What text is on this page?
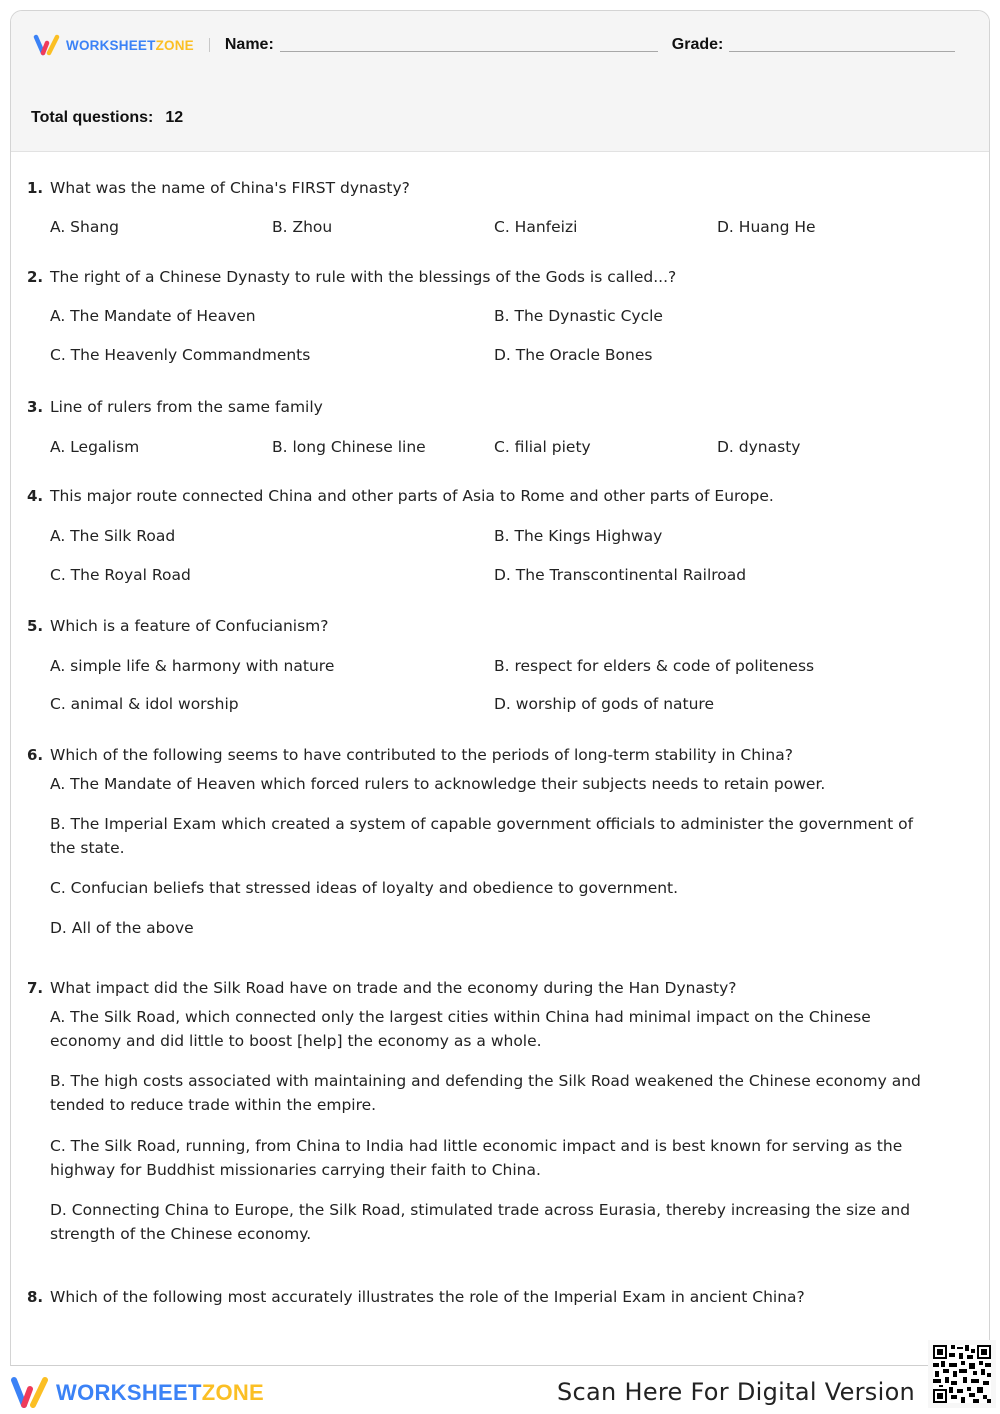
WORKSHEETZONE Name:	Grade:
Total questions: 12
1. What was the name of China's FIRST dynasty?
A. Shang	B. Zhou	C. Hanfeizi	D. Huang He
2. The right of a Chinese Dynasty to rule with the blessings of the Gods is called...?
A. The Mandate of Heaven	B. The Dynastic Cycle
C. The Heavenly Commandments	D. The Oracle Bones
3. Line of rulers from the same family
A. Legalism	B. long Chinese line	C. filial piety	D. dynasty
4. This major route connected China and other parts of Asia to Rome and other parts of Europe.
A. The Silk Road	B. The Kings Highway
C. The Royal Road	D. The Transcontinental Railroad
5. Which is a feature of Confucianism?
A. simple life & harmony with nature	B. respect for elders & code of politeness
C. animal & idol worship	D. worship of gods of nature
6. Which of the following seems to have contributed to the periods of long-term stability in China?
A. The Mandate of Heaven which forced rulers to acknowledge their subjects needs to retain power.
B. The Imperial Exam which created a system of capable government officials to administer the government of the state.
C. Confucian beliefs that stressed ideas of loyalty and obedience to government.
D. All of the above
7. What impact did the Silk Road have on trade and the economy during the Han Dynasty?
A. The Silk Road, which connected only the largest cities within China had minimal impact on the Chinese economy and did little to boost [help] the economy as a whole.
B. The high costs associated with maintaining and defending the Silk Road weakened the Chinese economy and tended to reduce trade within the empire.
C. The Silk Road, running, from China to India had little economic impact and is best known for serving as the highway for Buddhist missionaries carrying their faith to China.
D. Connecting China to Europe, the Silk Road, stimulated trade across Eurasia, thereby increasing the size and strength of the Chinese economy.
8. Which of the following most accurately illustrates the role of the Imperial Exam in ancient China?
WORKSHEETZONE	Scan Here For Digital Version
